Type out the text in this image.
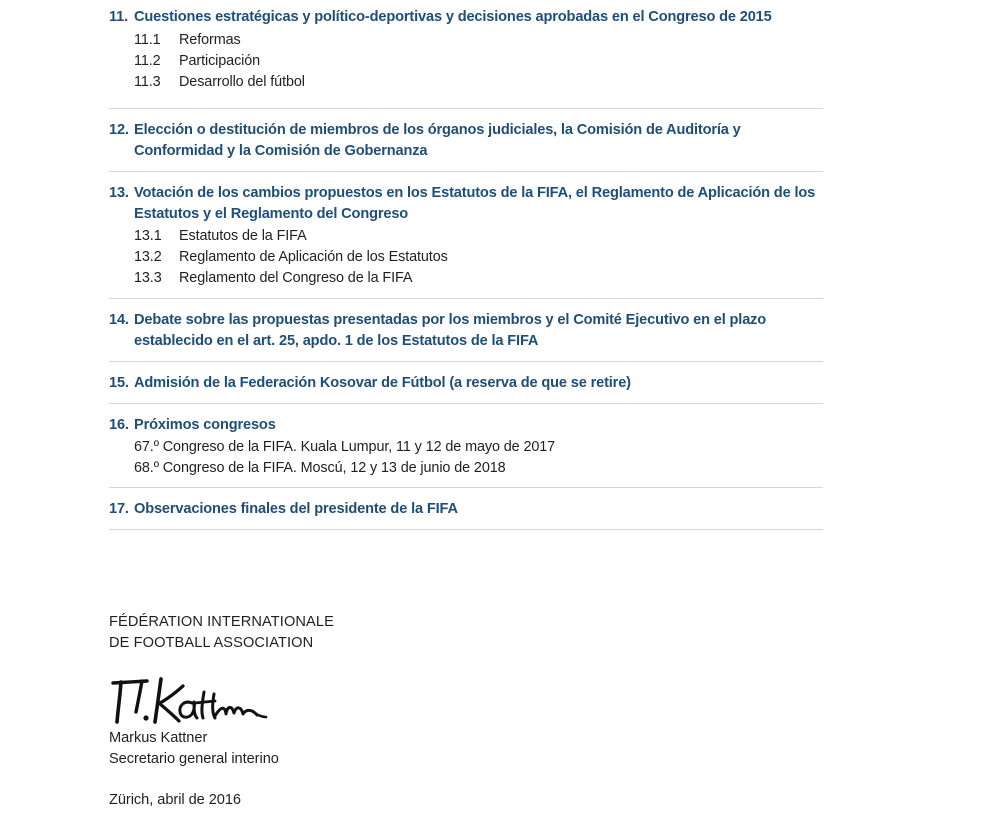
11. Cuestiones estratégicas y político-deportivas y decisiones aprobadas en el Congreso de 2015
11.1	Reformas
11.2	Participación
11.3	Desarrollo del fútbol
12. Elección o destitución de miembros de los órganos judiciales, la Comisión de Auditoría y Conformidad y la Comisión de Gobernanza
13. Votación de los cambios propuestos en los Estatutos de la FIFA, el Reglamento de Aplicación de los Estatutos y el Reglamento del Congreso
13.1	Estatutos de la FIFA
13.2	Reglamento de Aplicación de los Estatutos
13.3	Reglamento del Congreso de la FIFA
14. Debate sobre las propuestas presentadas por los miembros y el Comité Ejecutivo en el plazo establecido en el art. 25, apdo. 1 de los Estatutos de la FIFA
15. Admisión de la Federación Kosovar de Fútbol (a reserva de que se retire)
16. Próximos congresos
67.º Congreso de la FIFA. Kuala Lumpur, 11 y 12 de mayo de 2017
68.º Congreso de la FIFA. Moscú, 12 y 13 de junio de 2018
17. Observaciones finales del presidente de la FIFA
FÉDÉRATION INTERNATIONALE
DE FOOTBALL ASSOCIATION
Markus Kattner
Secretario general interino
Zürich, abril de 2016
